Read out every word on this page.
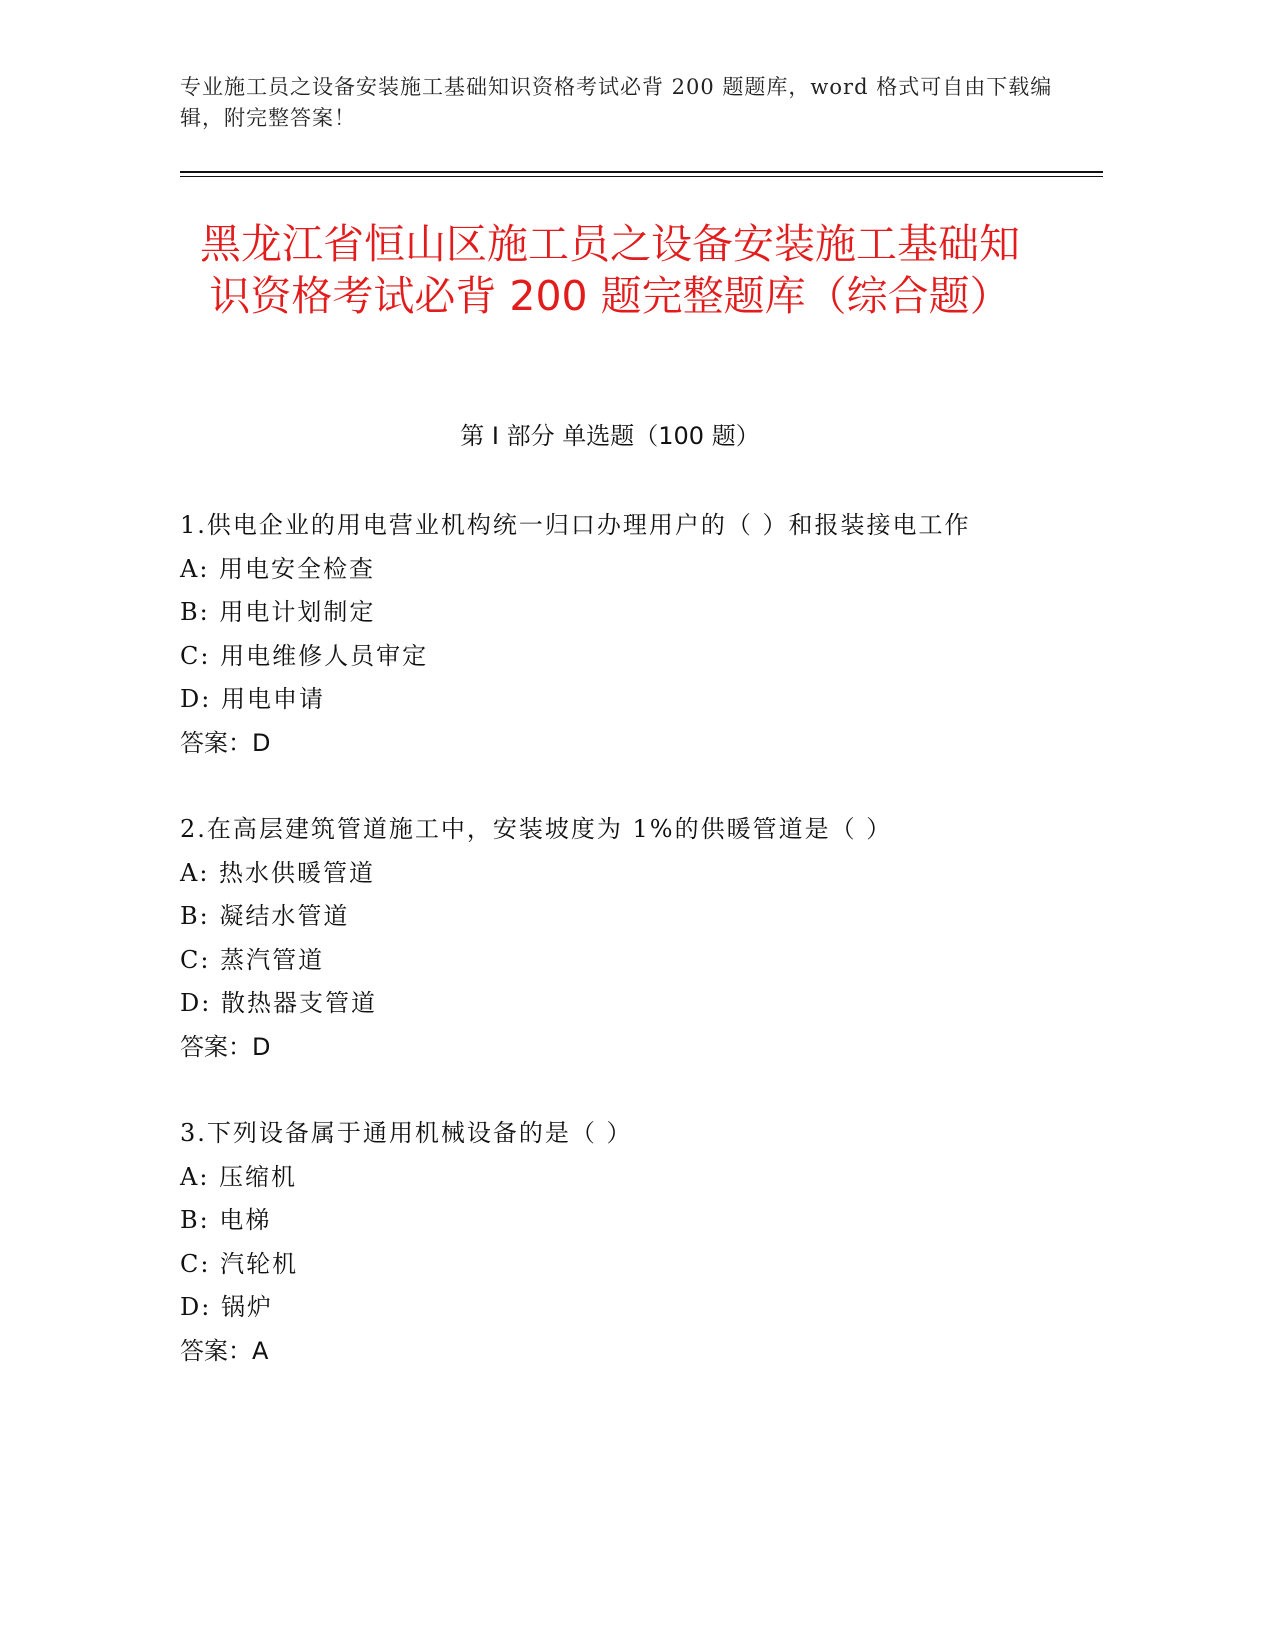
专业施工员之设备安装施工基础知识资格考试必背 200 题题库，word 格式可自由下载编辑，附完整答案！
黑龙江省恒山区施工员之设备安装施工基础知识资格考试必背 200 题完整题库（综合题）
第 I 部分 单选题（100 题）
1.供电企业的用电营业机构统一归口办理用户的（ ）和报装接电工作
A: 用电安全检查
B: 用电计划制定
C: 用电维修人员审定
D: 用电申请
答案：D
2.在高层建筑管道施工中，安装坡度为 1%的供暖管道是（ ）
A: 热水供暖管道
B: 凝结水管道
C: 蒸汽管道
D: 散热器支管道
答案：D
3.下列设备属于通用机械设备的是（ ）
A: 压缩机
B: 电梯
C: 汽轮机
D: 锅炉
答案：A
